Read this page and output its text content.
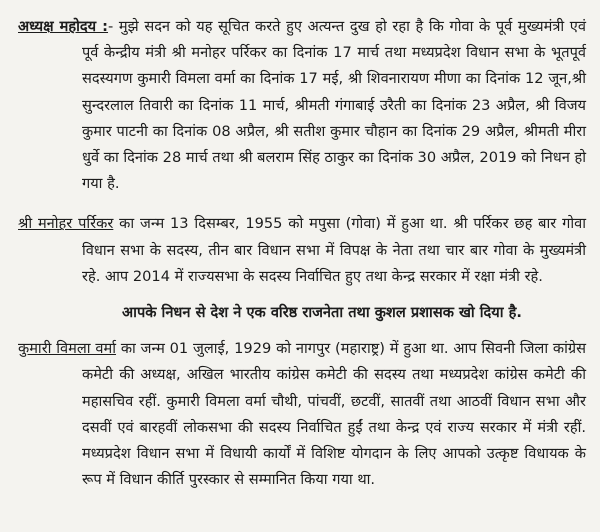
अध्यक्ष महोदय :- मुझे सदन को यह सूचित करते हुए अत्यन्त दुख हो रहा है कि गोवा के पूर्व मुख्यमंत्री एवं पूर्व केन्द्रीय मंत्री श्री मनोहर पर्रिकर का दिनांक 17 मार्च तथा मध्यप्रदेश विधान सभा के भूतपूर्व सदस्यगण कुमारी विमला वर्मा का दिनांक 17 मई, श्री शिवनारायण मीणा का दिनांक 12 जून,श्री सुन्दरलाल तिवारी का दिनांक 11 मार्च, श्रीमती गंगाबाई उरैती का दिनांक 23 अप्रैल, श्री विजय कुमार पाटनी का दिनांक 08 अप्रैल, श्री सतीश कुमार चौहान का दिनांक 29 अप्रैल, श्रीमती मीरा धुर्वे का दिनांक 28 मार्च तथा श्री बलराम सिंह ठाकुर का दिनांक 30 अप्रैल, 2019 को निधन हो गया है.

श्री मनोहर पर्रिकर का जन्म 13 दिसम्बर, 1955 को मपुसा (गोवा) में हुआ था. श्री पर्रिकर छह बार गोवा विधान सभा के सदस्य, तीन बार विधान सभा में विपक्ष के नेता तथा चार बार गोवा के मुख्यमंत्री रहे. आप 2014 में राज्यसभा के सदस्य निर्वाचित हुए तथा केन्द्र सरकार में रक्षा मंत्री रहे.

आपके निधन से देश ने एक वरिष्ठ राजनेता तथा कुशल प्रशासक खो दिया है.

कुमारी विमला वर्मा का जन्म 01 जुलाई, 1929 को नागपुर (महाराष्ट्र) में हुआ था. आप सिवनी जिला कांग्रेस कमेटी की अध्यक्ष, अखिल भारतीय कांग्रेस कमेटी की सदस्य तथा मध्यप्रदेश कांग्रेस कमेटी की महासचिव रहीं. कुमारी विमला वर्मा चौथी, पांचवीं, छटवीं, सातवीं तथा आठवीं विधान सभा और दसवीं एवं बारहवीं लोकसभा की सदस्य निर्वाचित हुईं तथा केन्द्र एवं राज्य सरकार में मंत्री रहीं. मध्यप्रदेश विधान सभा में विधायी कार्यों में विशिष्ट योगदान के लिए आपको उत्कृष्ट विधायक के रूप में विधान कीर्ति पुरस्कार से सम्मानित किया गया था.
